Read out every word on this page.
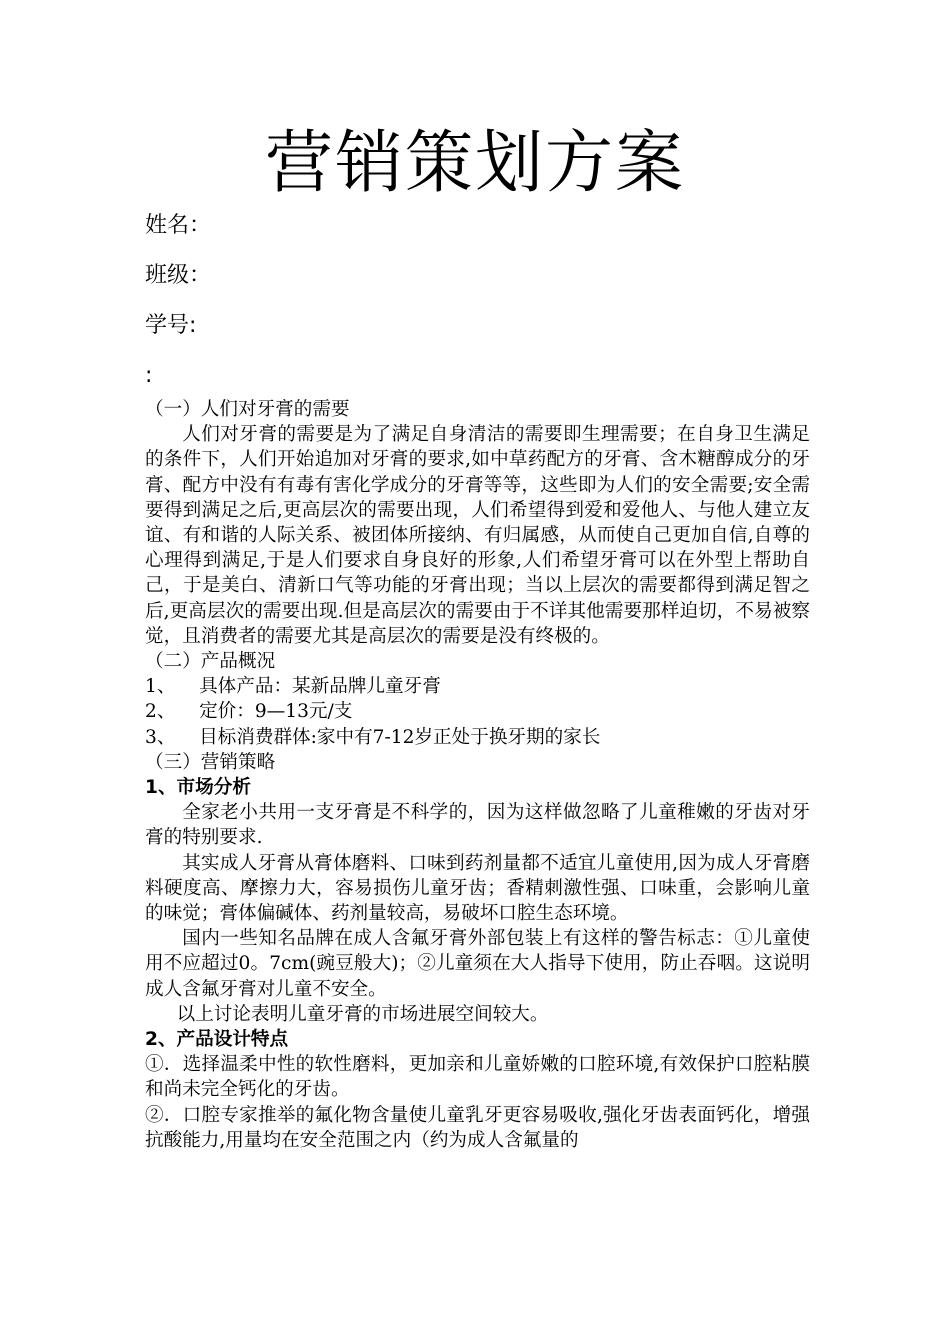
营销策划方案
姓名：
班级：
学号:
:

（一）人们对牙膏的需要

人们对牙膏的需要是为了满足自身清洁的需要即生理需要；在自身卫生满足的条件下，人们开始追加对牙膏的要求,如中草药配方的牙膏、含木糖醇成分的牙膏、配方中没有有毒有害化学成分的牙膏等等，这些即为人们的安全需要;安全需要得到满足之后,更高层次的需要出现，人们希望得到爱和爱他人、与他人建立友谊、有和谐的人际关系、被团体所接纳、有归属感，从而使自己更加自信,自尊的心理得到满足,于是人们要求自身良好的形象,人们希望牙膏可以在外型上帮助自己，于是美白、清新口气等功能的牙膏出现；当以上层次的需要都得到满足智之后,更高层次的需要出现.但是高层次的需要由于不详其他需要那样迫切，不易被察觉，且消费者的需要尤其是高层次的需要是没有终极的。

（二）产品概况

1、    具体产品：某新品牌儿童牙膏

2、    定价：9—13元/支

3、    目标消费群体:家中有7-12岁正处于换牙期的家长

（三）营销策略

1、市场分析

全家老小共用一支牙膏是不科学的，因为这样做忽略了儿童稚嫩的牙齿对牙膏的特别要求.

其实成人牙膏从膏体磨料、口味到药剂量都不适宜儿童使用,因为成人牙膏磨料硬度高、摩擦力大，容易损伤儿童牙齿；香精刺激性强、口味重，会影响儿童的味觉；膏体偏碱体、药剂量较高，易破坏口腔生态环境。

国内一些知名品牌在成人含氟牙膏外部包装上有这样的警告标志：①儿童使用不应超过0。7cm(豌豆般大)；②儿童须在大人指导下使用，防止吞咽。这说明成人含氟牙膏对儿童不安全。

以上讨论表明儿童牙膏的市场进展空间较大。

2、产品设计特点

①．选择温柔中性的软性磨料，更加亲和儿童娇嫩的口腔环境,有效保护口腔粘膜和尚未完全钙化的牙齿。

②．口腔专家推举的氟化物含量使儿童乳牙更容易吸收,强化牙齿表面钙化，增强抗酸能力,用量均在安全范围之内（约为成人含氟量的
